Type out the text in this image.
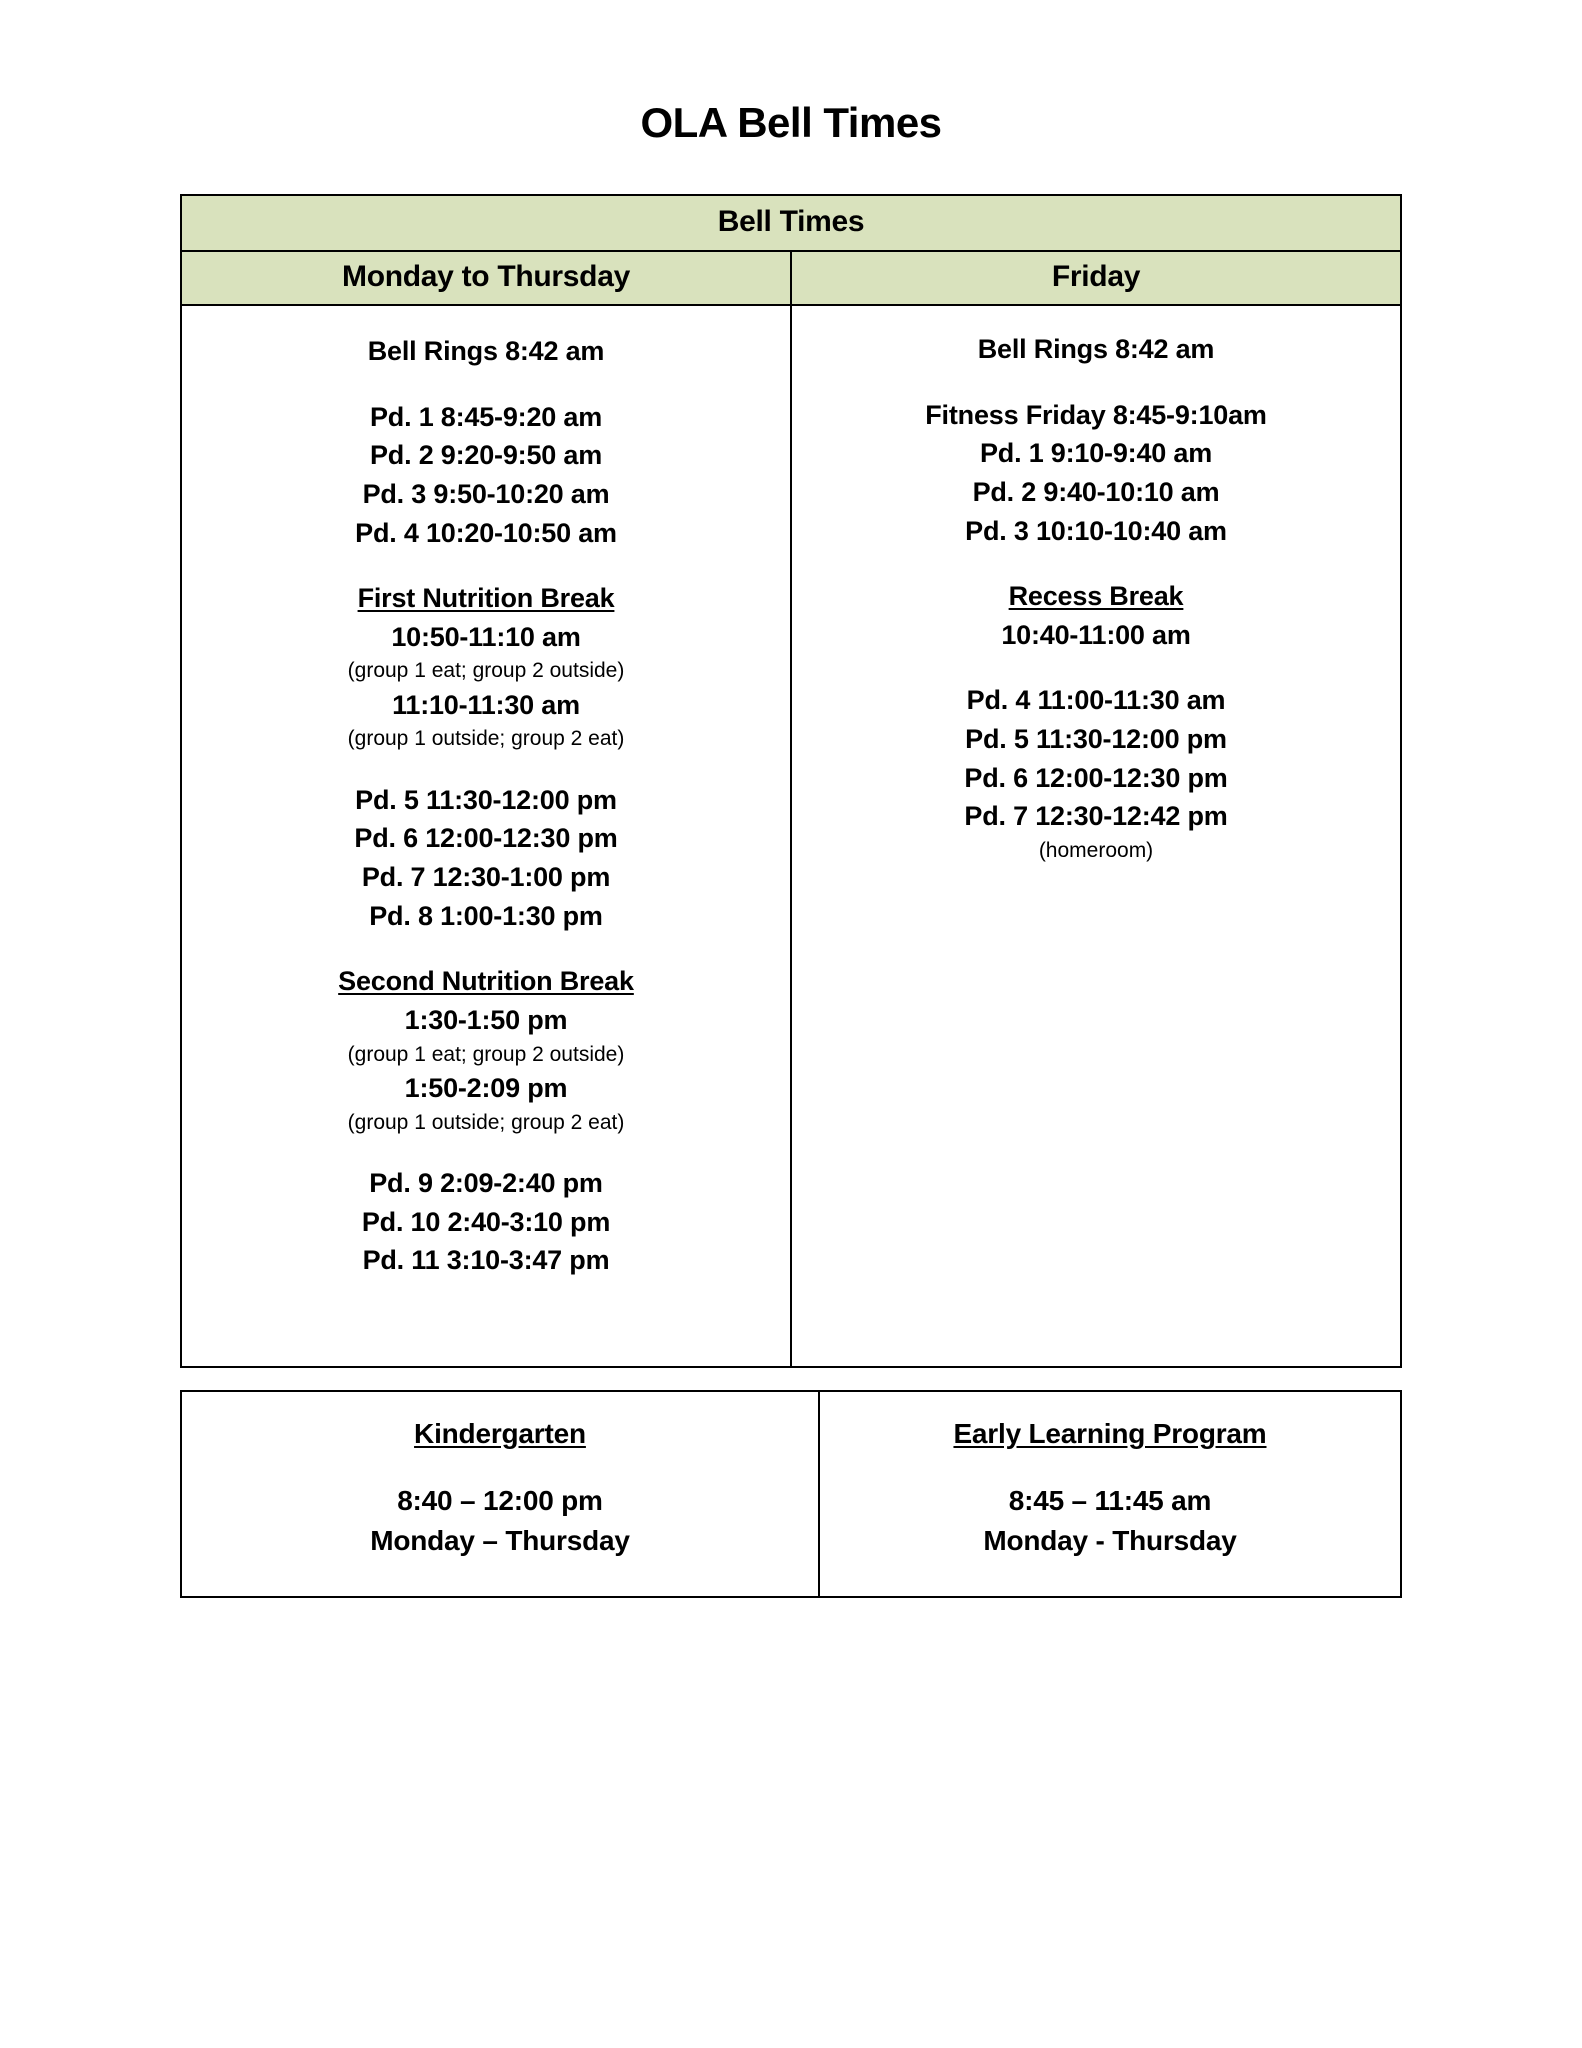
OLA Bell Times
Bell Times	
Monday to Thursday	Friday

Bell Rings 8:42 am
Pd. 1 8:45-9:20 am
Pd. 2 9:20-9:50 am
Pd. 3 9:50-10:20 am
Pd. 4 10:20-10:50 am
First Nutrition Break
10:50-11:10 am
(group 1 eat; group 2 outside)
11:10-11:30 am
(group 1 outside; group 2 eat)
Pd. 5 11:30-12:00 pm
Pd. 6 12:00-12:30 pm
Pd. 7 12:30-1:00 pm
Pd. 8 1:00-1:30 pm
Second Nutrition Break
1:30-1:50 pm
(group 1 eat; group 2 outside)
1:50-2:09 pm
(group 1 outside; group 2 eat)
Pd. 9 2:09-2:40 pm
Pd. 10 2:40-3:10 pm
Pd. 11 3:10-3:47 pm

Bell Rings 8:42 am
Fitness Friday 8:45-9:10am
Pd. 1 9:10-9:40 am
Pd. 2 9:40-10:10 am
Pd. 3 10:10-10:40 am
Recess Break
10:40-11:00 am
Pd. 4 11:00-11:30 am
Pd. 5 11:30-12:00 pm
Pd. 6 12:00-12:30 pm
Pd. 7 12:30-12:42 pm
(homeroom)
Kindergarten
8:40 – 12:00 pm
Monday – Thursday

Early Learning Program
8:45 – 11:45 am
Monday - Thursday
